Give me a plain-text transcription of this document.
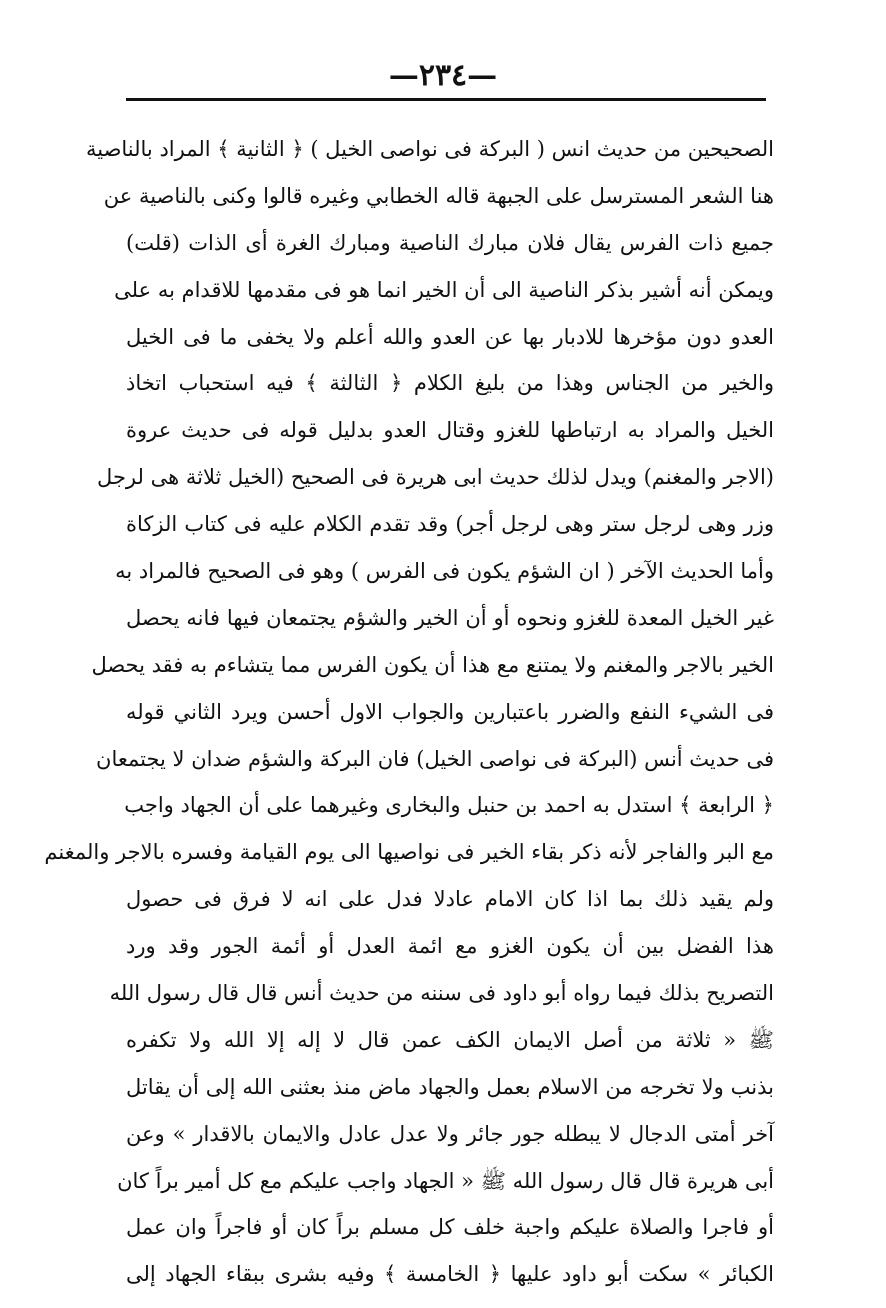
—٢٣٤—
الصحيحين من حديث انس ( البركة فى نواصى الخيل ) ﴿ الثانية ﴾ المراد بالناصية
هنا الشعر المسترسل على الجبهة قاله الخطابي وغيره قالوا وكنى بالناصية عن
جميع ذات الفرس يقال فلان مبارك الناصية ومبارك الغرة أى الذات (قلت)
ويمكن أنه أشير بذكر الناصية الى أن الخير انما هو فى مقدمها للاقدام به على
العدو دون مؤخرها للادبار بها عن العدو والله أعلم ولا يخفى ما فى الخيل
والخير من الجناس وهذا من بليغ الكلام ﴿ الثالثة ﴾ فيه استحباب اتخاذ
الخيل والمراد به ارتباطها للغزو وقتال العدو بدليل قوله فى حديث عروة
(الاجر والمغنم) ويدل لذلك حديث ابى هريرة فى الصحيح (الخيل ثلاثة هى لرجل
وزر وهى لرجل ستر وهى لرجل أجر) وقد تقدم الكلام عليه فى كتاب الزكاة
وأما الحديث الآخر ( ان الشؤم يكون فى الفرس ) وهو فى الصحيح فالمراد به
غير الخيل المعدة للغزو ونحوه أو أن الخير والشؤم يجتمعان فيها فانه يحصل
الخير بالاجر والمغنم ولا يمتنع مع هذا أن يكون الفرس مما يتشاءم به فقد يحصل
فى الشيء النفع والضرر باعتبارين والجواب الاول أحسن ويرد الثاني قوله
فى حديث أنس (البركة فى نواصى الخيل) فان البركة والشؤم ضدان لا يجتمعان
﴿ الرابعة ﴾ استدل به احمد بن حنبل والبخارى وغيرهما على أن الجهاد واجب
مع البر والفاجر لأنه ذكر بقاء الخير فى نواصيها الى يوم القيامة وفسره بالاجر والمغنم
ولم يقيد ذلك بما اذا كان الامام عادلا فدل على انه لا فرق فى حصول
هذا الفضل بين أن يكون الغزو مع ائمة العدل أو أئمة الجور وقد ورد
التصريح بذلك فيما رواه أبو داود فى سننه من حديث أنس قال قال رسول الله
ﷺ « ثلاثة من أصل الايمان الكف عمن قال لا إله إلا الله ولا تكفره
بذنب ولا تخرجه من الاسلام بعمل والجهاد ماض منذ بعثنى الله إلى أن يقاتل
آخر أمتى الدجال لا يبطله جور جائر ولا عدل عادل والايمان بالاقدار » وعن
أبى هريرة قال قال رسول الله ﷺ « الجهاد واجب عليكم مع كل أمير براً كان
أو فاجرا والصلاة عليكم واجبة خلف كل مسلم براً كان أو فاجراً وان عمل
الكبائر » سكت أبو داود عليها ﴿ الخامسة ﴾ وفيه بشرى ببقاء الجهاد إلى
